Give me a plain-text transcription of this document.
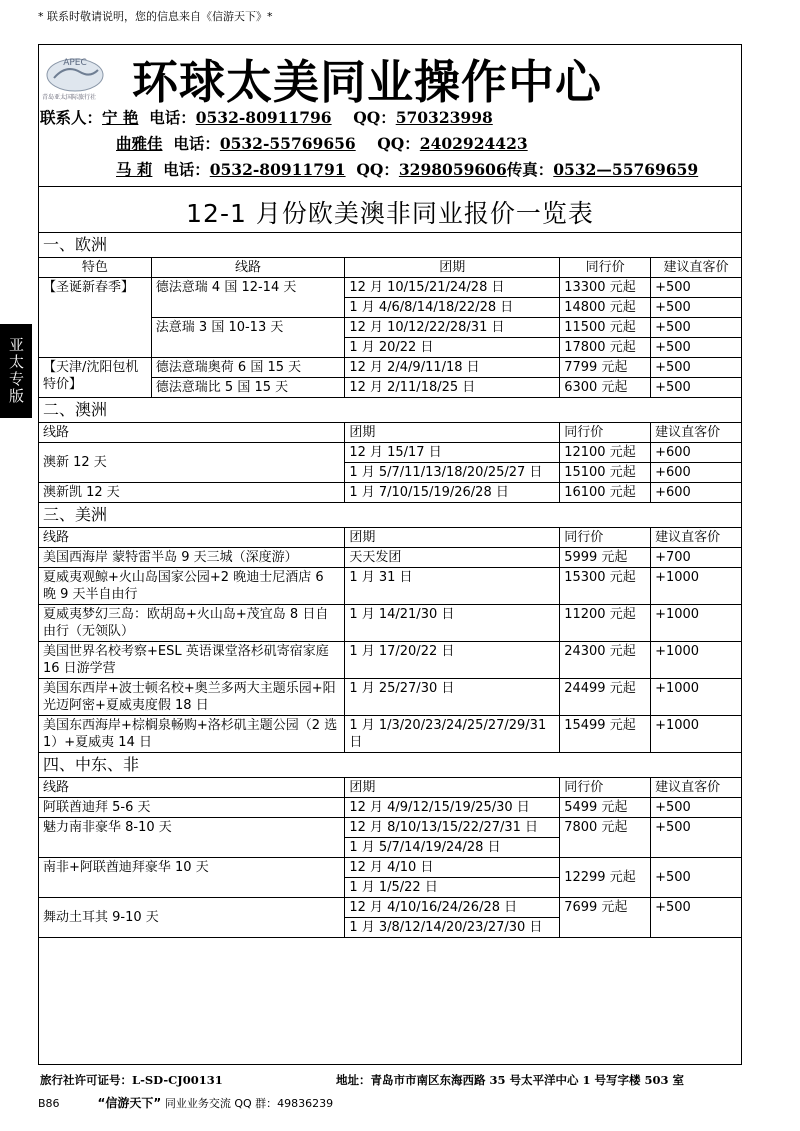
* 联系时敬请说明，您的信息来自《信游天下》*
APEC
青岛亚太国际旅行社 环球太美同业操作中心
联系人：宁 艳 电话：0532-80911796 QQ：570323998
曲雅佳 电话：0532-55769656 QQ：2402924423
马 莉 电话：0532-80911791 QQ：3298059606传真：0532—55769659
12-1 月份欧美澳非同业报价一览表
亚太专版
一、欧洲				
特色	线路	团期	同行价	建议直客价
【圣诞新春季】	德法意瑞 4 国 12-14 天	12 月 10/15/21/24/28 日	13300 元起	+500
		1 月 4/6/8/14/18/22/28 日	14800 元起	+500
	法意瑞 3 国 10-13 天	12 月 10/12/22/28/31 日	11500 元起	+500
		1 月 20/22 日	17800 元起	+500
【天津/沈阳包机特价】	德法意瑞奥荷 6 国 15 天	12 月 2/4/9/11/18 日	7799 元起	+500
	德法意瑞比 5 国 15 天	12 月 2/11/18/25 日	6300 元起	+500
二、澳洲				
线路		团期	同行价	建议直客价
澳新 12 天		12 月 15/17 日	12100 元起	+600
		1 月 5/7/11/13/18/20/25/27 日	15100 元起	+600
澳新凯 12 天		1 月 7/10/15/19/26/28 日	16100 元起	+600
三、美洲				
线路		团期	同行价	建议直客价
美国西海岸 蒙特雷半岛 9 天三城（深度游）		天天发团	5999 元起	+700
夏威夷观鲸+火山岛国家公园+2 晚迪士尼酒店 6 晚 9 天半自由行		1 月 31 日	15300 元起	+1000
夏威夷梦幻三岛：欧胡岛+火山岛+茂宜岛 8 日自由行（无领队）		1 月 14/21/30 日	11200 元起	+1000
美国世界名校考察+ESL 英语课堂洛杉矶寄宿家庭 16 日游学营		1 月 17/20/22 日	24300 元起	+1000
美国东西岸+波士顿名校+奥兰多两大主题乐园+阳光迈阿密+夏威夷度假 18 日		1 月 25/27/30 日	24499 元起	+1000
美国东西海岸+棕榈泉畅购+洛杉矶主题公园（2 选 1）+夏威夷 14 日		1 月 1/3/20/23/24/25/27/29/31 日	15499 元起	+1000
四、中东、非				
线路		团期	同行价	建议直客价
阿联酋迪拜 5-6 天		12 月 4/9/12/15/19/25/30 日	5499 元起	+500
魅力南非豪华 8-10 天		12 月 8/10/13/15/22/27/31 日	7800 元起	+500
		1 月 5/7/14/19/24/28 日		
南非+阿联酋迪拜豪华 10 天		12 月 4/10 日	12299 元起	+500
		1 月 1/5/22 日		
舞动土耳其 9-10 天		12 月 4/10/16/24/26/28 日	7699 元起	+500
		1 月 3/8/12/14/20/23/27/30 日		
旅行社许可证号：L-SD-CJ00131	地址：青岛市市南区东海西路 35 号太平洋中心 1 号写字楼 503 室
B86	“信游天下” 同业业务交流 QQ 群：49836239
